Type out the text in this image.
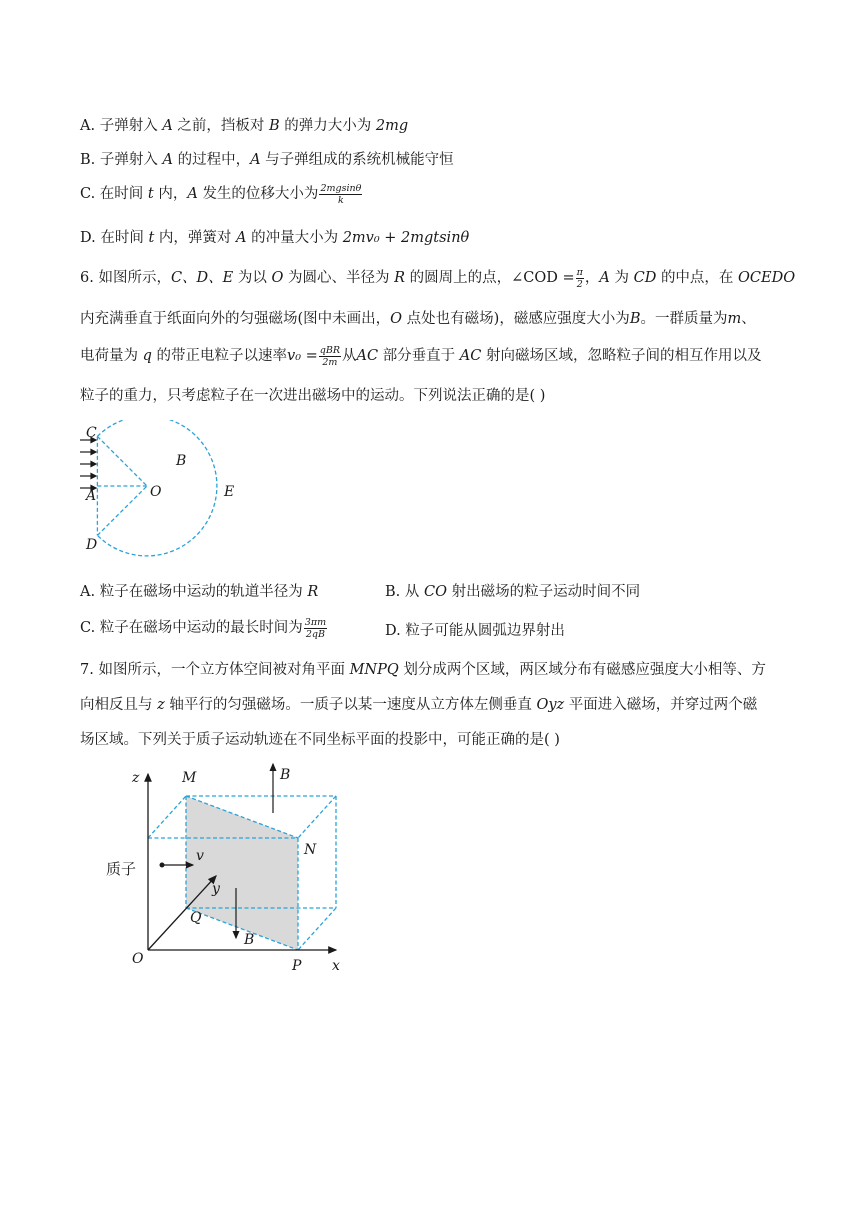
A. 子弹射入 A 之前，挡板对 B 的弹力大小为 2mg
B. 子弹射入 A 的过程中，A 与子弹组成的系统机械能守恒
C. 在时间 t 内，A 发生的位移大小为 $\frac{2mgsin\theta}{k}$
D. 在时间 t 内，弹簧对 A 的冲量大小为 2mv₀ + 2mgtsinθ
6. 如图所示，C、D、E 为以 O 为圆心、半径为 R 的圆周上的点，∠COD = $\frac{\pi}{2}$ ，A 为 CD 的中点，在 OCEDO
内充满垂直于纸面向外的匀强磁场(图中未画出，O 点处也有磁场)，磁感应强度大小为B。一群质量为m、
电荷量为 q 的带正电粒子以速率$v_0 = \frac{\text{qBR}}{2m}$ 从AC 部分垂直于 AC 射向磁场区域，忽略粒子间的相互作用以及
粒子的重力，只考虑粒子在一次进出磁场中的运动。下列说法正确的是( )
C
A
D
O
B
E
A. 粒子在磁场中运动的轨道半径为 R	B. 从 CO 射出磁场的粒子运动时间不同
C. 粒子在磁场中运动的最长时间为 $\frac{3\pi m}{2qB}$	D. 粒子可能从圆弧边界射出
7. 如图所示，一个立方体空间被对角平面 MNPQ 划分成两个区域，两区域分布有磁感应强度大小相等、方
向相反且与 z 轴平行的匀强磁场。一质子以某一速度从立方体左侧垂直 Oyz 平面进入磁场，并穿过两个磁
场区域。下列关于质子运动轨迹在不同坐标平面的投影中，可能正确的是( )
z	M	B
N
质子
v
y
Q
B
O	P x
